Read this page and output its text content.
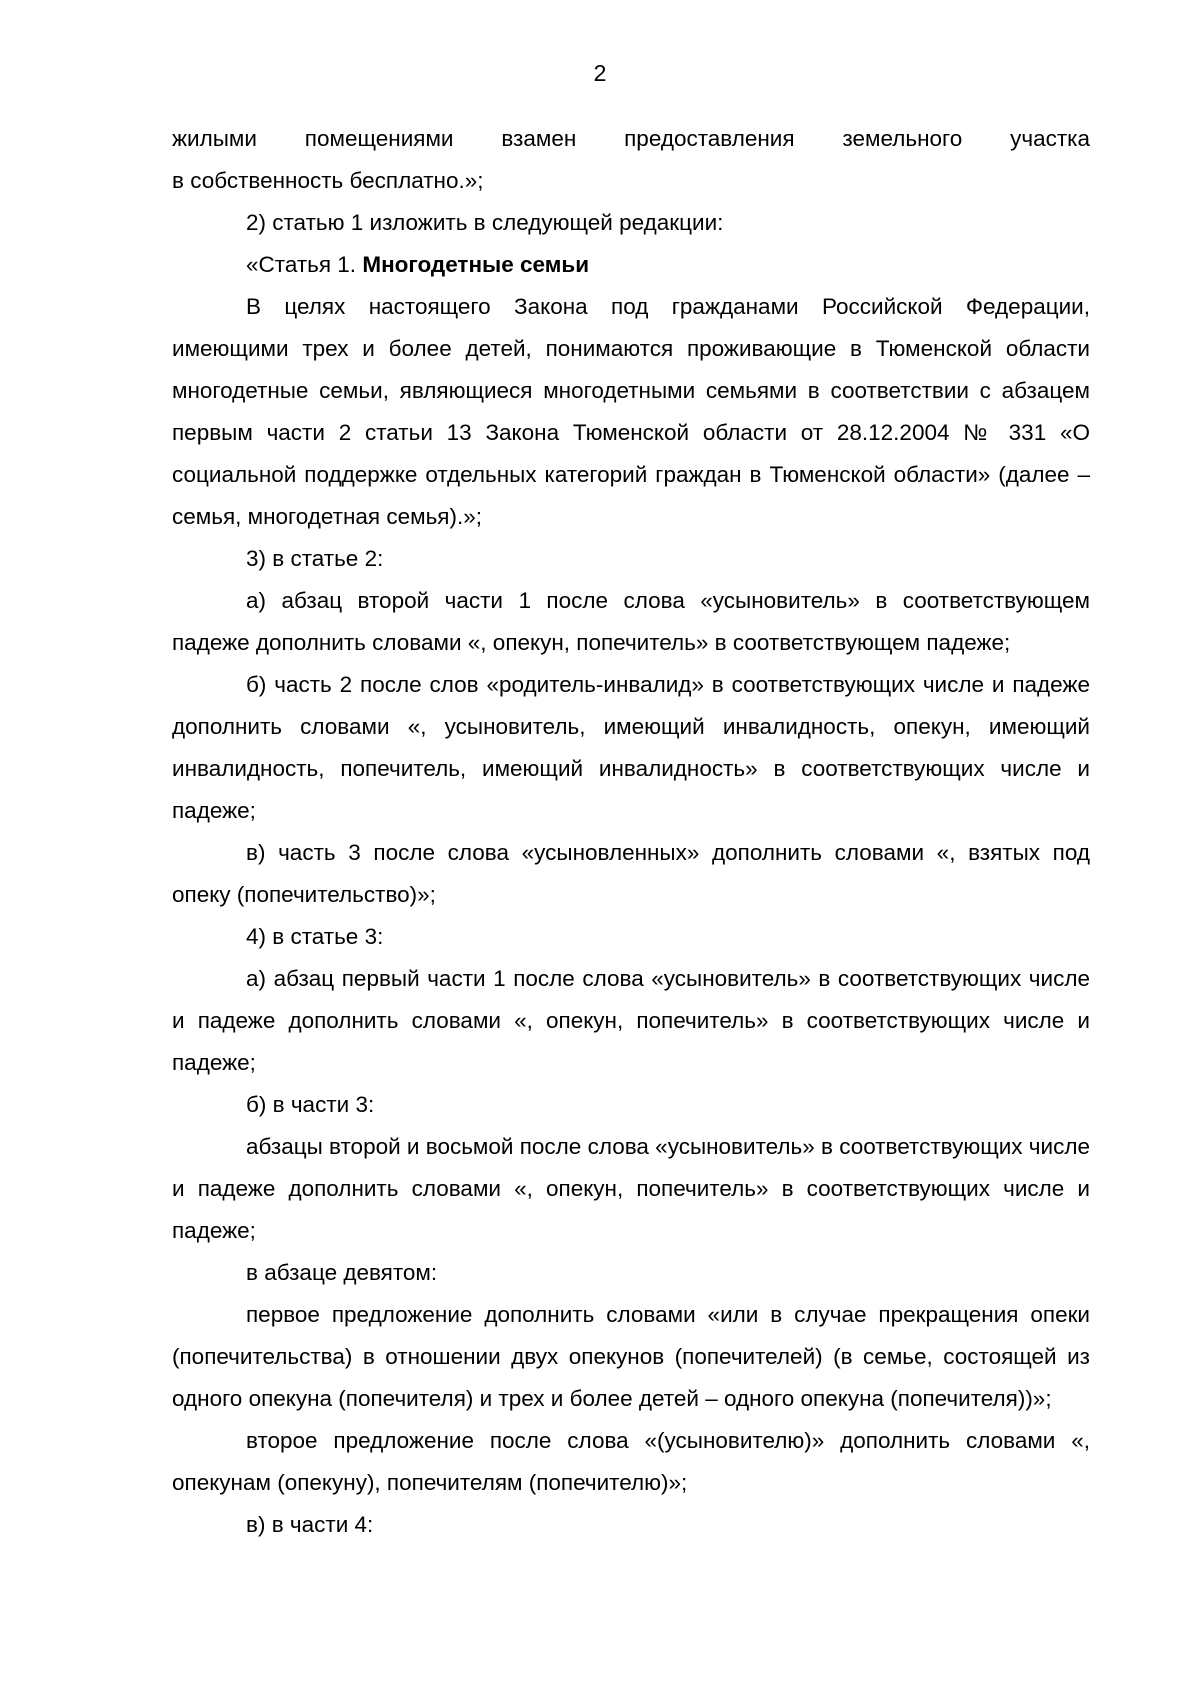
2

жилыми помещениями взамен предоставления земельного участка

в собственность бесплатно.»;

2) статью 1 изложить в следующей редакции:

«Статья 1. Многодетные семьи

В целях настоящего Закона под гражданами Российской Федерации, имеющими трех и более детей, понимаются проживающие в Тюменской области многодетные семьи, являющиеся многодетными семьями в соответствии с абзацем первым части 2 статьи 13 Закона Тюменской области от 28.12.2004 № 331 «О социальной поддержке отдельных категорий граждан в Тюменской области» (далее – семья, многодетная семья).»;

3) в статье 2:

а) абзац второй части 1 после слова «усыновитель» в соответствующем падеже дополнить словами «, опекун, попечитель» в соответствующем падеже;

б) часть 2 после слов «родитель-инвалид» в соответствующих числе и падеже дополнить словами «, усыновитель, имеющий инвалидность, опекун, имеющий инвалидность, попечитель, имеющий инвалидность» в соответствующих числе и падеже;

в) часть 3 после слова «усыновленных» дополнить словами «, взятых под опеку (попечительство)»;

4) в статье 3:

а) абзац первый части 1 после слова «усыновитель» в соответствующих числе и падеже дополнить словами «, опекун, попечитель» в соответствующих числе и падеже;

б) в части 3:

абзацы второй и восьмой после слова «усыновитель» в соответствующих числе и падеже дополнить словами «, опекун, попечитель» в соответствующих числе и падеже;

в абзаце девятом:

первое предложение дополнить словами «или в случае прекращения опеки (попечительства) в отношении двух опекунов (попечителей) (в семье, состоящей из одного опекуна (попечителя) и трех и более детей – одного опекуна (попечителя))»;

второе предложение после слова «(усыновителю)» дополнить словами «, опекунам (опекуну), попечителям (попечителю)»;

в) в части 4:
